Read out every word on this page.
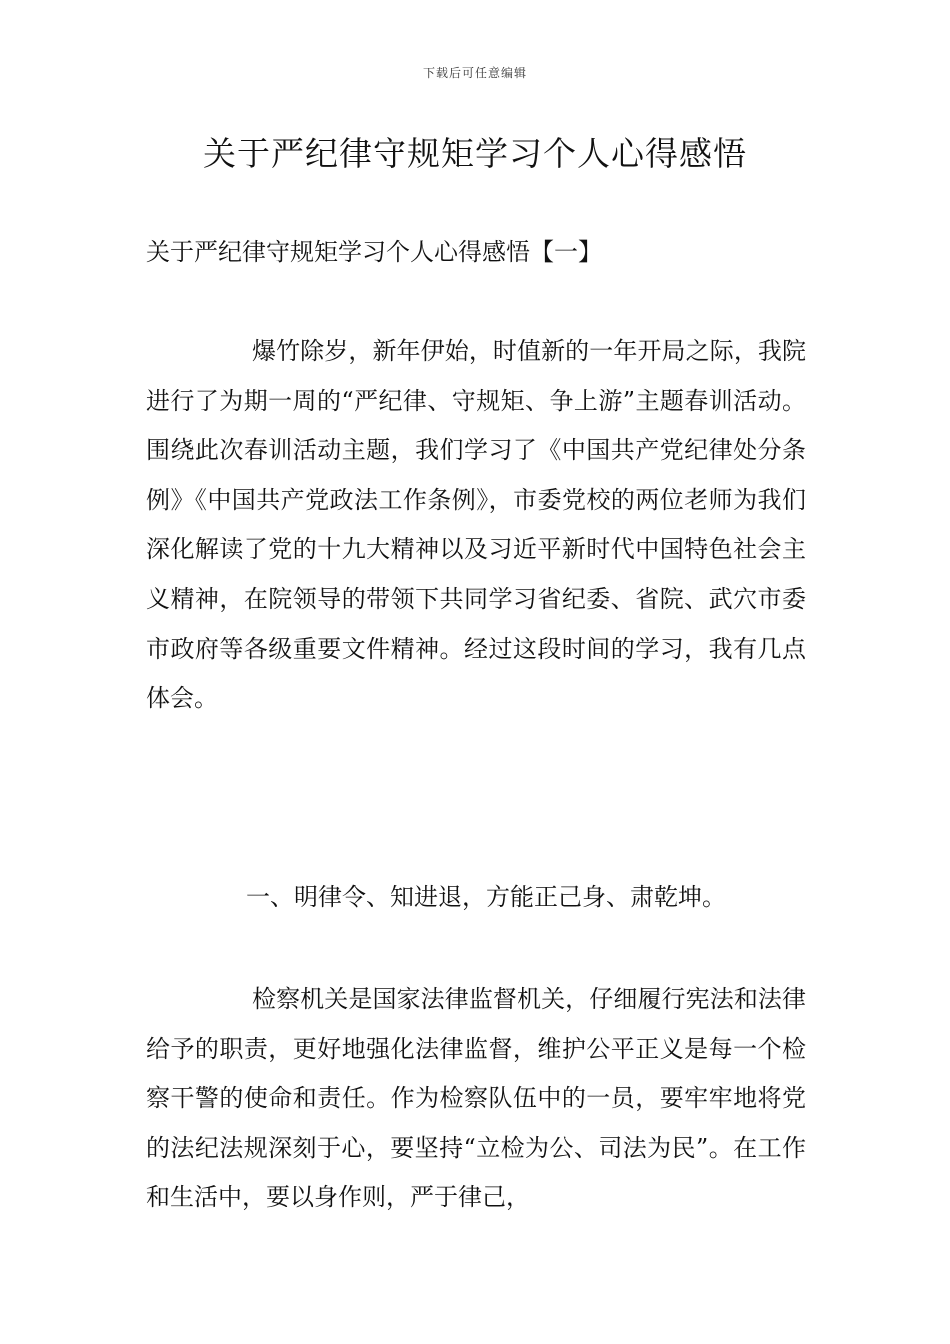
下载后可任意编辑
关于严纪律守规矩学习个人心得感悟

关于严纪律守规矩学习个人心得感悟【一】

爆竹除岁，新年伊始，时值新的一年开局之际，我院进行了为期一周的“严纪律、守规矩、争上游”主题春训活动。围绕此次春训活动主题，我们学习了《中国共产党纪律处分条例》《中国共产党政法工作条例》，市委党校的两位老师为我们深化解读了党的十九大精神以及习近平新时代中国特色社会主义精神，在院领导的带领下共同学习省纪委、省院、武穴市委市政府等各级重要文件精神。经过这段时间的学习，我有几点体会。

一、明律令、知进退，方能正己身、肃乾坤。

检察机关是国家法律监督机关，仔细履行宪法和法律给予的职责，更好地强化法律监督，维护公平正义是每一个检察干警的使命和责任。作为检察队伍中的一员，要牢牢地将党的法纪法规深刻于心，要坚持“立检为公、司法为民”。在工作和生活中，要以身作则，严于律己，
